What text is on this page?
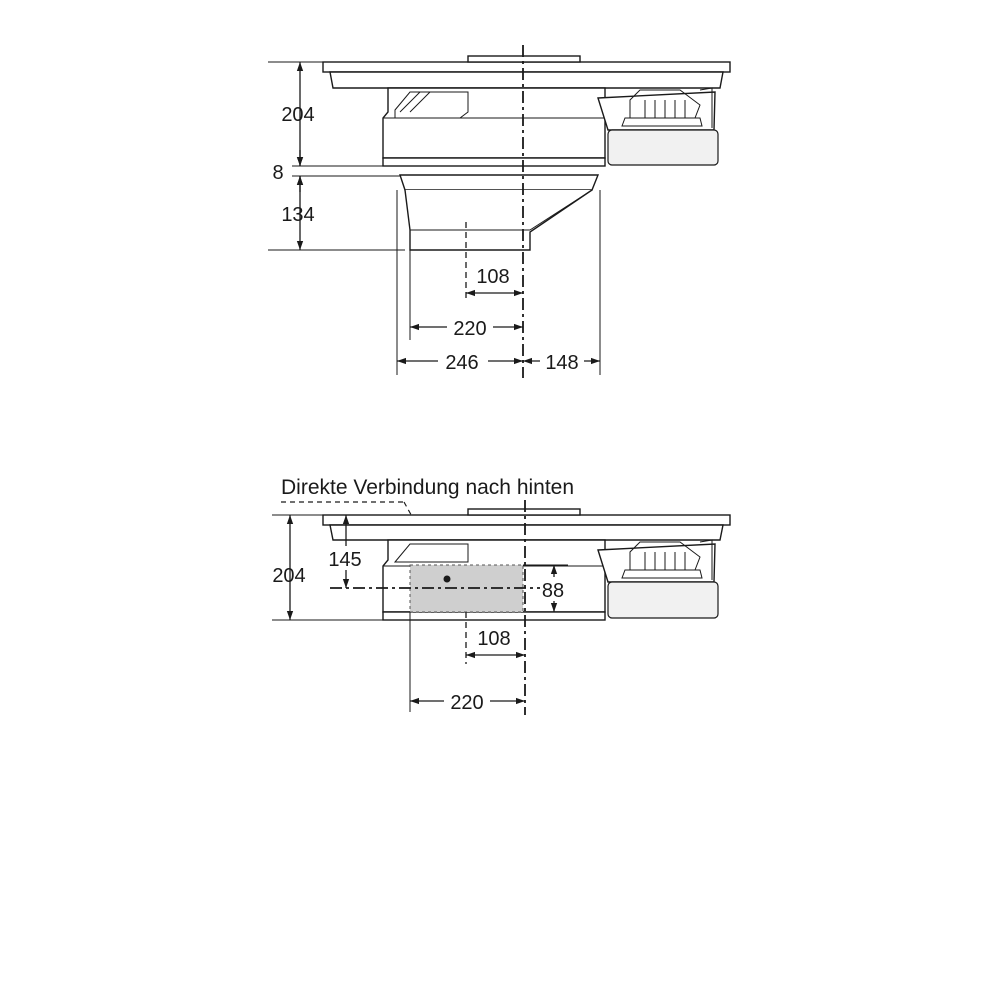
204
8
134
108
220
246	148
Direkte Verbindung nach hinten
204
145
88
108
220
